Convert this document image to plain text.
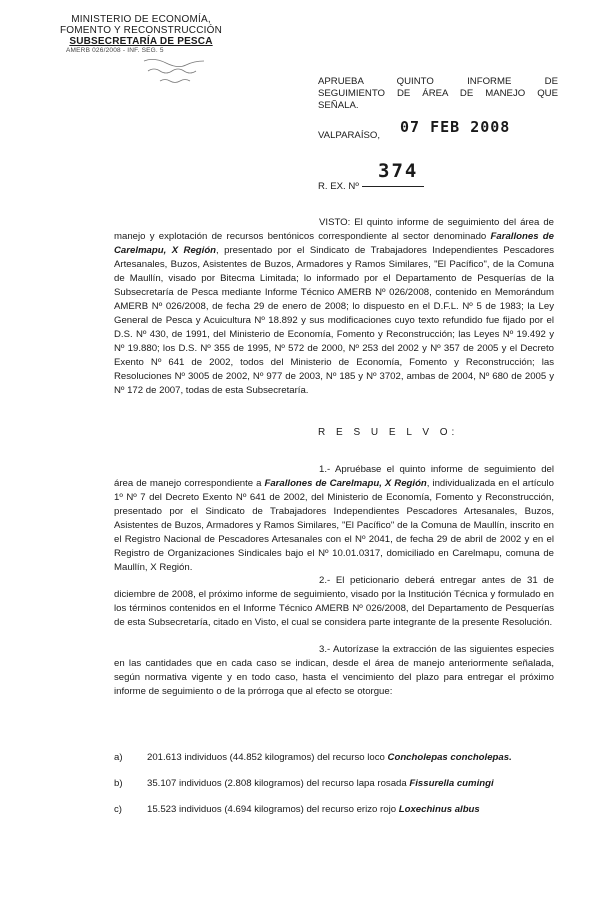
MINISTERIO DE ECONOMÍA,
FOMENTO Y RECONSTRUCCIÓN
SUBSECRETARÍA DE PESCA
AMERB 026/2008 - INF. SEG. 5
APRUEBA QUINTO INFORME DE SEGUIMIENTO DE ÁREA DE MANEJO QUE SEÑALA.
VALPARAÍSO, 07 FEB 2008
R. EX. Nº
374
VISTO: El quinto informe de seguimiento del área de manejo y explotación de recursos bentónicos correspondiente al sector denominado Farallones de Carelmapu, X Región, presentado por el Sindicato de Trabajadores Independientes Pescadores Artesanales, Buzos, Asistentes de Buzos, Armadores y Ramos Similares, "El Pacífico", de la Comuna de Maullín, visado por Bitecma Limitada; lo informado por el Departamento de Pesquerías de la Subsecretaría de Pesca mediante Informe Técnico AMERB Nº 026/2008, contenido en Memorándum AMERB Nº 026/2008, de fecha 29 de enero de 2008; lo dispuesto en el D.F.L. Nº 5 de 1983; la Ley General de Pesca y Acuicultura Nº 18.892 y sus modificaciones cuyo texto refundido fue fijado por el D.S. Nº 430, de 1991, del Ministerio de Economía, Fomento y Reconstrucción; las Leyes Nº 19.492 y Nº 19.880; los D.S. Nº 355 de 1995, Nº 572 de 2000, Nº 253 del 2002 y Nº 357 de 2005 y el Decreto Exento Nº 641 de 2002, todos del Ministerio de Economía, Fomento y Reconstrucción; las Resoluciones Nº 3005 de 2002, Nº 977 de 2003, Nº 185 y Nº 3702, ambas de 2004, Nº 680 de 2005 y Nº 172 de 2007, todas de esta Subsecretaría.
R E S U E L V O:
1.- Apruébase el quinto informe de seguimiento del área de manejo correspondiente a Farallones de Carelmapu, X Región, individualizada en el artículo 1º Nº 7 del Decreto Exento Nº 641 de 2002, del Ministerio de Economía, Fomento y Reconstrucción, presentado por el Sindicato de Trabajadores Independientes Pescadores Artesanales, Buzos, Asistentes de Buzos, Armadores y Ramos Similares, "El Pacífico" de la Comuna de Maullín, inscrito en el Registro Nacional de Pescadores Artesanales con el Nº 2041, de fecha 29 de abril de 2002 y en el Registro de Organizaciones Sindicales bajo el Nº 10.01.0317, domiciliado en Carelmapu, comuna de Maullín, X Región.
2.- El peticionario deberá entregar antes de 31 de diciembre de 2008, el próximo informe de seguimiento, visado por la Institución Técnica y formulado en los términos contenidos en el Informe Técnico AMERB Nº 026/2008, del Departamento de Pesquerías de esta Subsecretaría, citado en Visto, el cual se considera parte integrante de la presente Resolución.
3.- Autorízase la extracción de las siguientes especies en las cantidades que en cada caso se indican, desde el área de manejo anteriormente señalada, según normativa vigente y en todo caso, hasta el vencimiento del plazo para entregar el próximo informe de seguimiento o de la prórroga que al efecto se otorgue:
a)	201.613 individuos (44.852 kilogramos) del recurso loco Concholepas concholepas.
b)	35.107 individuos (2.808 kilogramos) del recurso lapa rosada Fissurella cumingi
c)	15.523 individuos (4.694 kilogramos) del recurso erizo rojo Loxechinus albus
